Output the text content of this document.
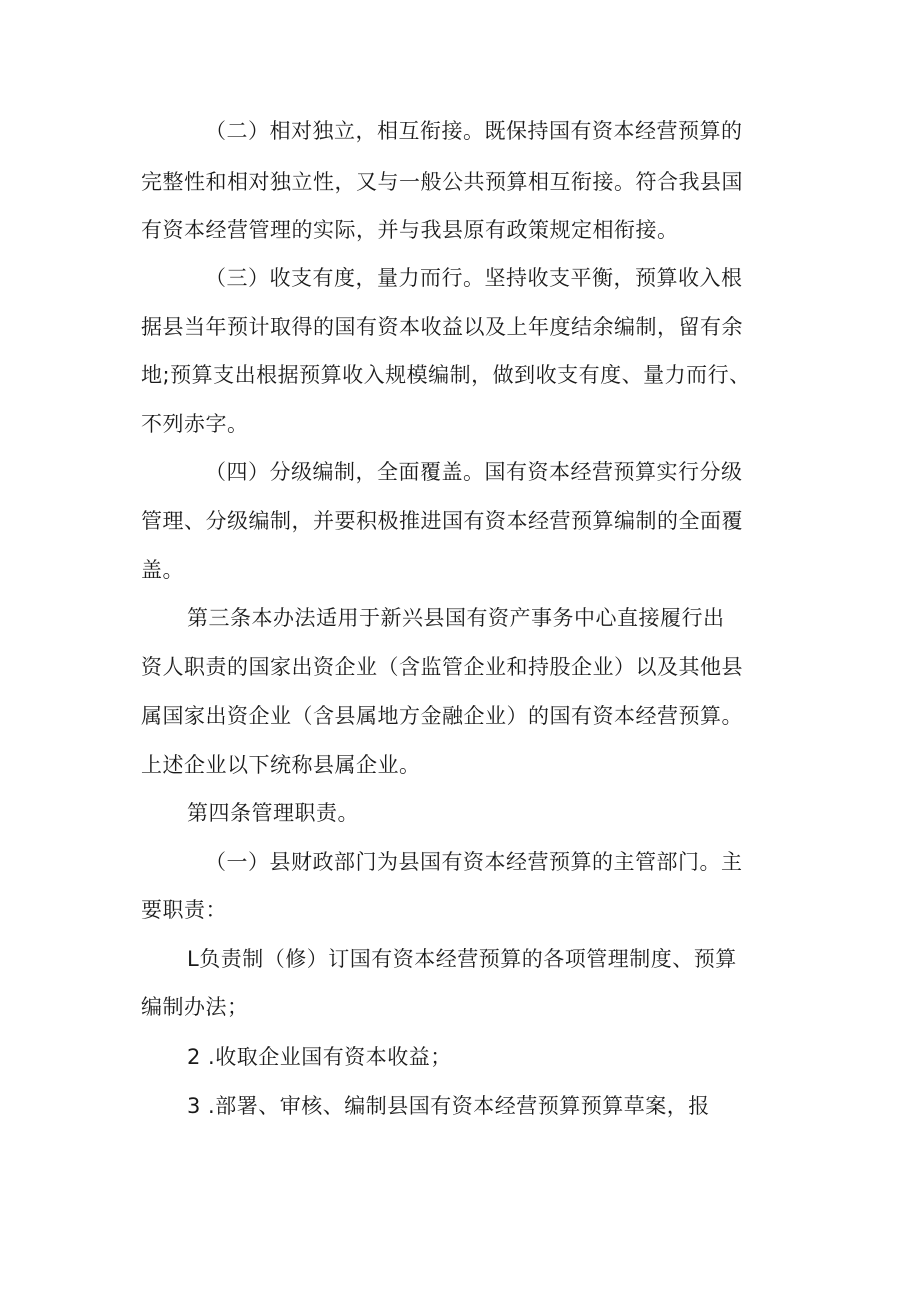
（二）相对独立，相互衔接。既保持国有资本经营预算的
完整性和相对独立性，又与一般公共预算相互衔接。符合我县国
有资本经营管理的实际，并与我县原有政策规定相衔接。
（三）收支有度，量力而行。坚持收支平衡，预算收入根
据县当年预计取得的国有资本收益以及上年度结余编制，留有余
地;预算支出根据预算收入规模编制，做到收支有度、量力而行、
不列赤字。
（四）分级编制，全面覆盖。国有资本经营预算实行分级
管理、分级编制，并要积极推进国有资本经营预算编制的全面覆
盖。
第三条本办法适用于新兴县国有资产事务中心直接履行出
资人职责的国家出资企业（含监管企业和持股企业）以及其他县
属国家出资企业（含县属地方金融企业）的国有资本经营预算。
上述企业以下统称县属企业。
第四条管理职责。
（一）县财政部门为县国有资本经营预算的主管部门。主
要职责：
L负责制（修）订国有资本经营预算的各项管理制度、预算
编制办法；
2 .收取企业国有资本收益；
3 .部署、审核、编制县国有资本经营预算预算草案，报
